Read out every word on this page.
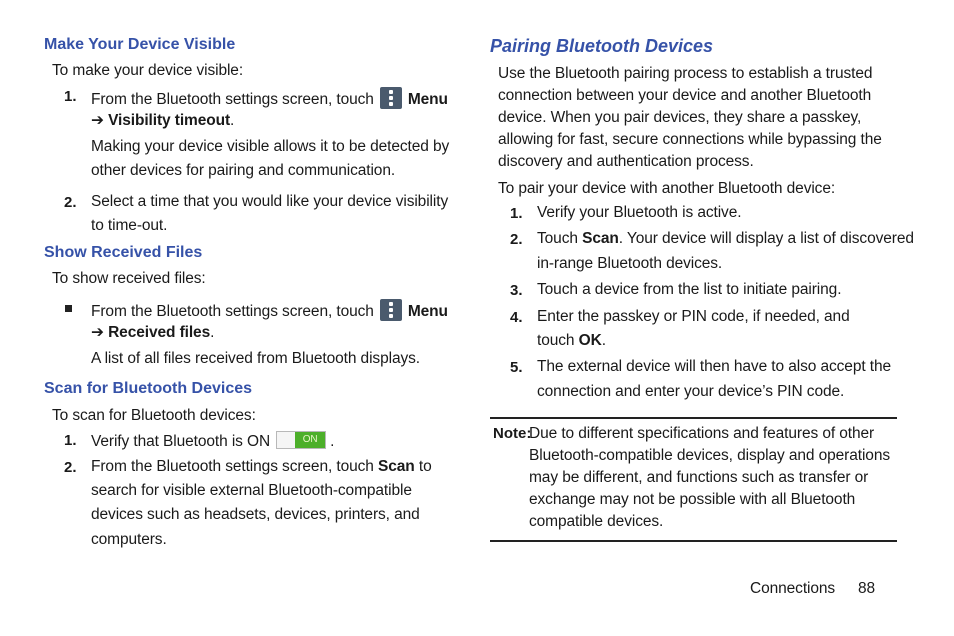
Make Your Device Visible
To make your device visible:
1. From the Bluetooth settings screen, touch Menu
➔ Visibility timeout.
Making your device visible allows it to be detected by
other devices for pairing and communication.
2. Select a time that you would like your device visibility
to time-out.
Show Received Files
To show received files:
From the Bluetooth settings screen, touch Menu
➔ Received files.
A list of all files received from Bluetooth displays.
Scan for Bluetooth Devices
To scan for Bluetooth devices:
1. Verify that Bluetooth is ON	ON .
2. From the Bluetooth settings screen, touch Scan to
search for visible external Bluetooth-compatible
devices such as headsets, devices, printers, and
computers.
Pairing Bluetooth Devices
Use the Bluetooth pairing process to establish a trusted
connection between your device and another Bluetooth
device. When you pair devices, they share a passkey,
allowing for fast, secure connections while bypassing the
discovery and authentication process.
To pair your device with another Bluetooth device:
1. Verify your Bluetooth is active.
2. Touch Scan. Your device will display a list of discovered
in-range Bluetooth devices.
3. Touch a device from the list to initiate pairing.
4. Enter the passkey or PIN code, if needed, and
touch OK.
5. The external device will then have to also accept the
connection and enter your device’s PIN code.
Note:
Due to different specifications and features of other
Bluetooth-compatible devices, display and operations
may be different, and functions such as transfer or
exchange may not be possible with all Bluetooth
compatible devices.
Connections 88
